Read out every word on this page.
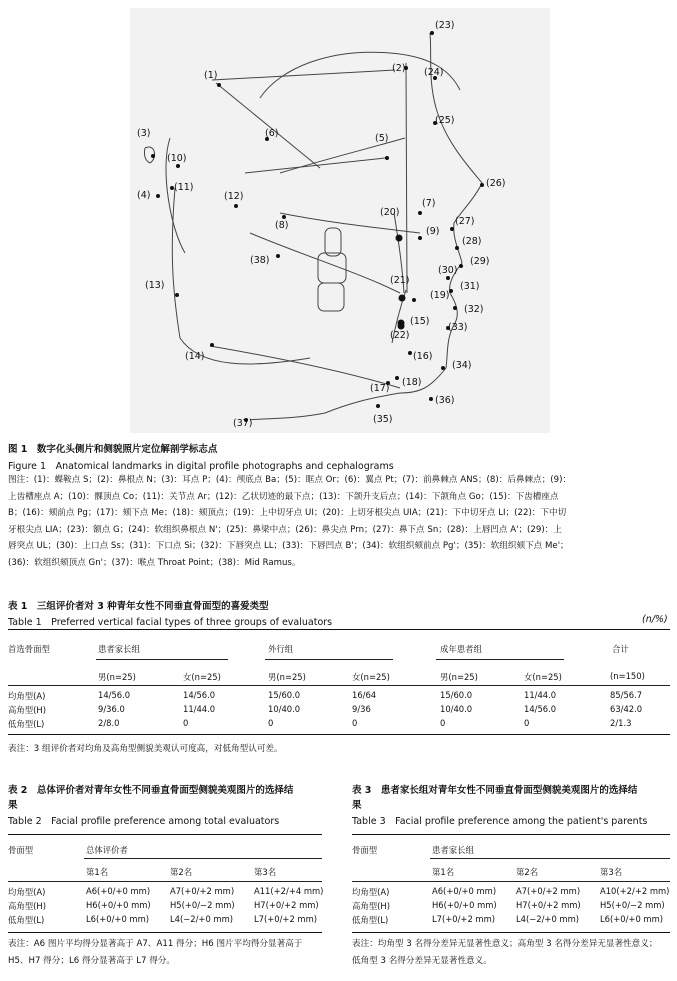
(1)
(2)
(3)
(4)
(5)
(6)
(7)
(8)
(9)
(10)
(11)
(12)
(13)
(14)
(15)
(16)
(17)
(18)
(19)
(20)
(21)
(22)
(23)
(24)
(25)
(26)
(27)
(28)
(29)
(30)
(31)
(32)
(33)
(34)
(35)
(36)
(37)
(38)
图 1　数字化头侧片和侧貌照片定位解剖学标志点
Figure 1　Anatomical landmarks in digital profile photographs and cephalograms
图注：(1)：蝶鞍点 S；(2)：鼻根点 N；(3)：耳点 P；(4)：颅底点 Ba；(5)：眶点 Or；(6)：翼点 Pt；(7)：前鼻棘点 ANS；(8)：后鼻棘点；(9)：
上齿槽座点 A；(10)：髁顶点 Co；(11)：关节点 Ar；(12)：乙状切迹的最下点；(13)：下颌升支后点；(14)：下颌角点 Go；(15)：下齿槽座点
B；(16)：颏前点 Pg；(17)：颏下点 Me；(18)：颏顶点；(19)：上中切牙点 UI；(20)：上切牙根尖点 UIA；(21)：下中切牙点 LI；(22)：下中切
牙根尖点 LIA；(23)：额点 G；(24)：软组织鼻根点 N'；(25)：鼻梁中点；(26)：鼻尖点 Prn；(27)：鼻下点 Sn；(28)：上唇凹点 A'；(29)：上
唇突点 UL；(30)：上口点 Ss；(31)：下口点 Si；(32)：下唇突点 LL；(33)：下唇凹点 B'；(34)：软组织颏前点 Pg'；(35)：软组织颏下点 Me'；
(36)：软组织颏顶点 Gn'；(37)：喉点 Throat Point；(38)：Mid Ramus。
表 1　三组评价者对 3 种青年女性不同垂直骨面型的喜爱类型
Table 1　Preferred vertical facial types of three groups of evaluators	(n/%)
首选骨面型	患者家长组	外行组	成年患者组	合计
男(n=25)	女(n=25)	男(n=25)	女(n=25)	男(n=25)	女(n=25)	(n=150)
均角型(A)	14/56.0	14/56.0	15/60.0	16/64	15/60.0	11/44.0	85/56.7
高角型(H)	9/36.0	11/44.0	10/40.0	9/36	10/40.0	14/56.0	63/42.0
低角型(L)	2/8.0	0	0	0	0	0	2/1.3
表注：3 组评价者对均角及高角型侧貌美观认可度高，对低角型认可差。
表 2　总体评价者对青年女性不同垂直骨面型侧貌美观图片的选择结
果
Table 2　Facial profile preference among total evaluators
骨面型	总体评价者
第1名	第2名	第3名
均角型(A)	A6(+0/+0 mm) A7(+0/+2 mm) A11(+2/+4 mm)
高角型(H)	H6(+0/+0 mm) H5(+0/−2 mm) H7(+0/+2 mm)
低角型(L)	L6(+0/+0 mm) L4(−2/+0 mm) L7(+0/+2 mm)
表注：A6 图片平均得分显著高于 A7、A11 得分；H6 图片平均得分显著高于
H5、H7 得分；L6 得分显著高于 L7 得分。
表 3　患者家长组对青年女性不同垂直骨面型侧貌美观图片的选择结
果
Table 3　Facial profile preference among the patient's parents
骨面型	患者家长组
第1名	第2名	第3名
均角型(A)	A6(+0/+0 mm) A7(+0/+2 mm) A10(+2/+2 mm)
高角型(H)	H6(+0/+0 mm) H7(+0/+2 mm) H5(+0/−2 mm)
低角型(L)	L7(+0/+2 mm) L4(−2/+0 mm) L6(+0/+0 mm)
表注：均角型 3 名得分差异无显著性意义；高角型 3 名得分差异无显著性意义；
低角型 3 名得分差异无显著性意义。
